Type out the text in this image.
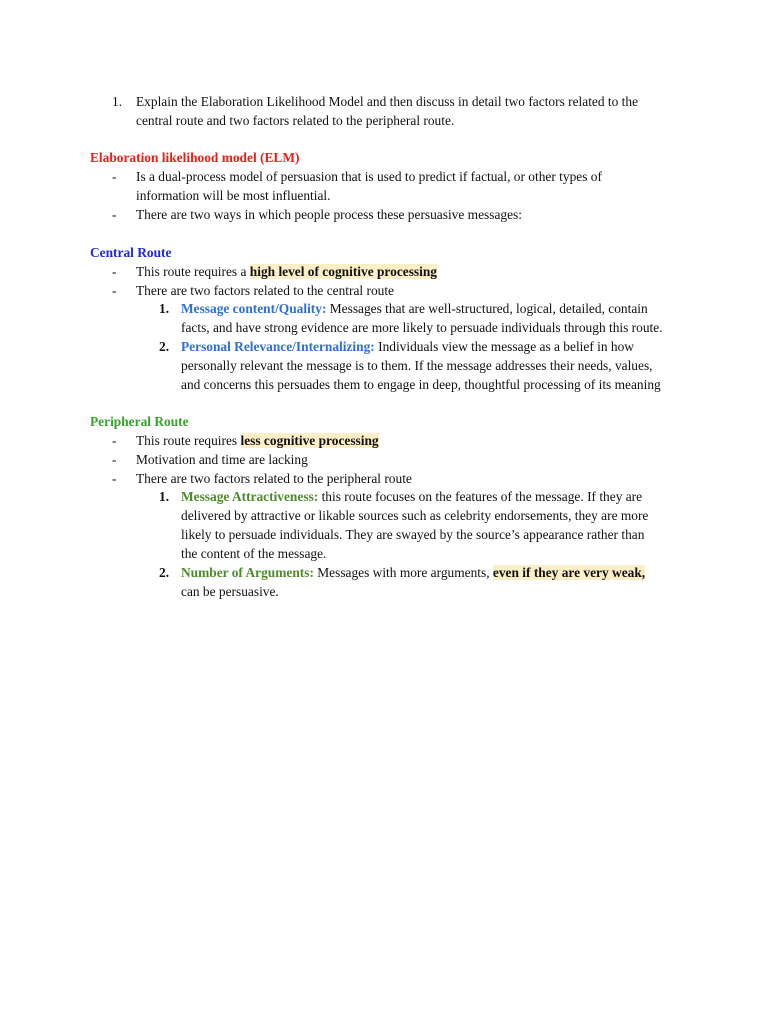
1. Explain the Elaboration Likelihood Model and then discuss in detail two factors related to the
central route and two factors related to the peripheral route.
Elaboration likelihood model (ELM)
- Is a dual-process model of persuasion that is used to predict if factual, or other types of
information will be most influential.
- There are two ways in which people process these persuasive messages:
Central Route
- This route requires a high level of cognitive processing
- There are two factors related to the central route
1. Message content/Quality: Messages that are well-structured, logical, detailed, contain
facts, and have strong evidence are more likely to persuade individuals through this route.
2. Personal Relevance/Internalizing: Individuals view the message as a belief in how
personally relevant the message is to them. If the message addresses their needs, values,
and concerns this persuades them to engage in deep, thoughtful processing of its meaning
Peripheral Route
- This route requires less cognitive processing
- Motivation and time are lacking
- There are two factors related to the peripheral route
1. Message Attractiveness: this route focuses on the features of the message. If they are
delivered by attractive or likable sources such as celebrity endorsements, they are more
likely to persuade individuals. They are swayed by the source’s appearance rather than
the content of the message.
2. Number of Arguments: Messages with more arguments, even if they are very weak,
can be persuasive.
